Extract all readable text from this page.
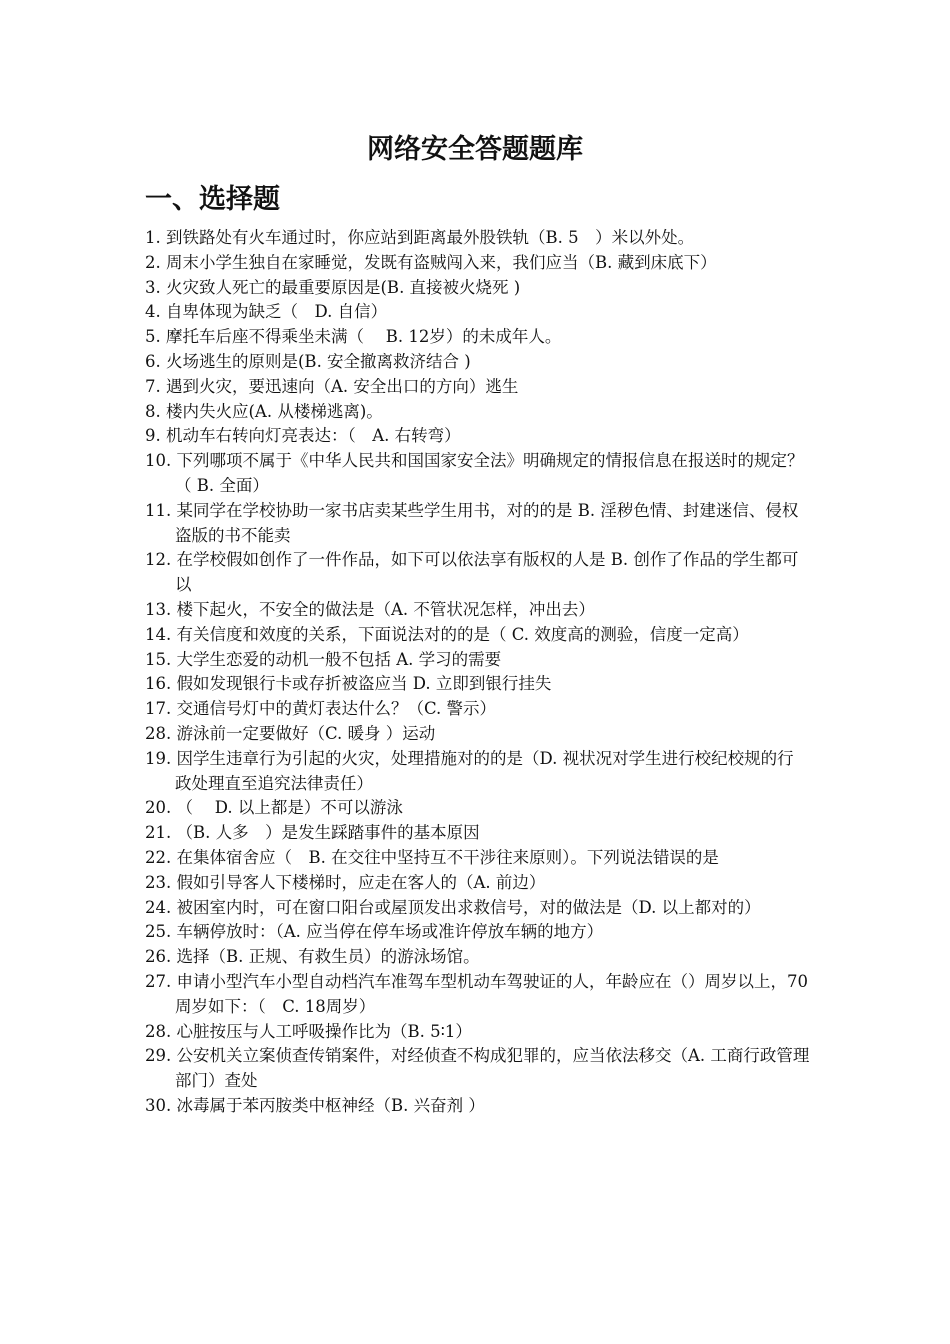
网络安全答题题库
一、选择题
1. 到铁路处有火车通过时，你应站到距离最外股铁轨（B. 5　）米以外处。
2. 周末小学生独自在家睡觉，发既有盗贼闯入来，我们应当（B. 藏到床底下）
3. 火灾致人死亡的最重要原因是(B. 直接被火烧死 )
4. 自卑体现为缺乏（　D. 自信）
5. 摩托车后座不得乘坐未满（　 B. 12岁）的未成年人。
6. 火场逃生的原则是(B. 安全撤离救济结合 )
7. 遇到火灾，要迅速向（A. 安全出口的方向）逃生
8. 楼内失火应(A. 从楼梯逃离)。
9. 机动车右转向灯亮表达：（　A. 右转弯）
10. 下列哪项不属于《中华人民共和国国家安全法》明确规定的情报信息在报送时的规定？（ B. 全面）
11. 某同学在学校协助一家书店卖某些学生用书，对的的是 B. 淫秽色情、封建迷信、侵权盗版的书不能卖
12. 在学校假如创作了一件作品，如下可以依法享有版权的人是 B. 创作了作品的学生都可以
13. 楼下起火，不安全的做法是（A. 不管状况怎样，冲出去）
14. 有关信度和效度的关系，下面说法对的的是（ C. 效度高的测验，信度一定高）
15. 大学生恋爱的动机一般不包括 A. 学习的需要
16. 假如发现银行卡或存折被盗应当 D. 立即到银行挂失
17. 交通信号灯中的黄灯表达什么？（C. 警示）
28. 游泳前一定要做好（C. 暖身 ）运动
19. 因学生违章行为引起的火灾，处理措施对的的是（D. 视状况对学生进行校纪校规的行政处理直至追究法律责任）
20. （　 D. 以上都是）不可以游泳
21. （B. 人多　）是发生踩踏事件的基本原因
22. 在集体宿舍应（　B. 在交往中坚持互不干涉往来原则）。下列说法错误的是
23. 假如引导客人下楼梯时，应走在客人的（A. 前边）
24. 被困室内时，可在窗口阳台或屋顶发出求救信号，对的做法是（D. 以上都对的）
25. 车辆停放时：（A. 应当停在停车场或准许停放车辆的地方）
26. 选择（B. 正规、有救生员）的游泳场馆。
27. 申请小型汽车小型自动档汽车准驾车型机动车驾驶证的人，年龄应在（）周岁以上，70周岁如下：（　C. 18周岁）
28. 心脏按压与人工呼吸操作比为（B. 5∶1）
29. 公安机关立案侦查传销案件，对经侦查不构成犯罪的，应当依法移交（A. 工商行政管理部门）查处
30. 冰毒属于苯丙胺类中枢神经（B. 兴奋剂 ）
